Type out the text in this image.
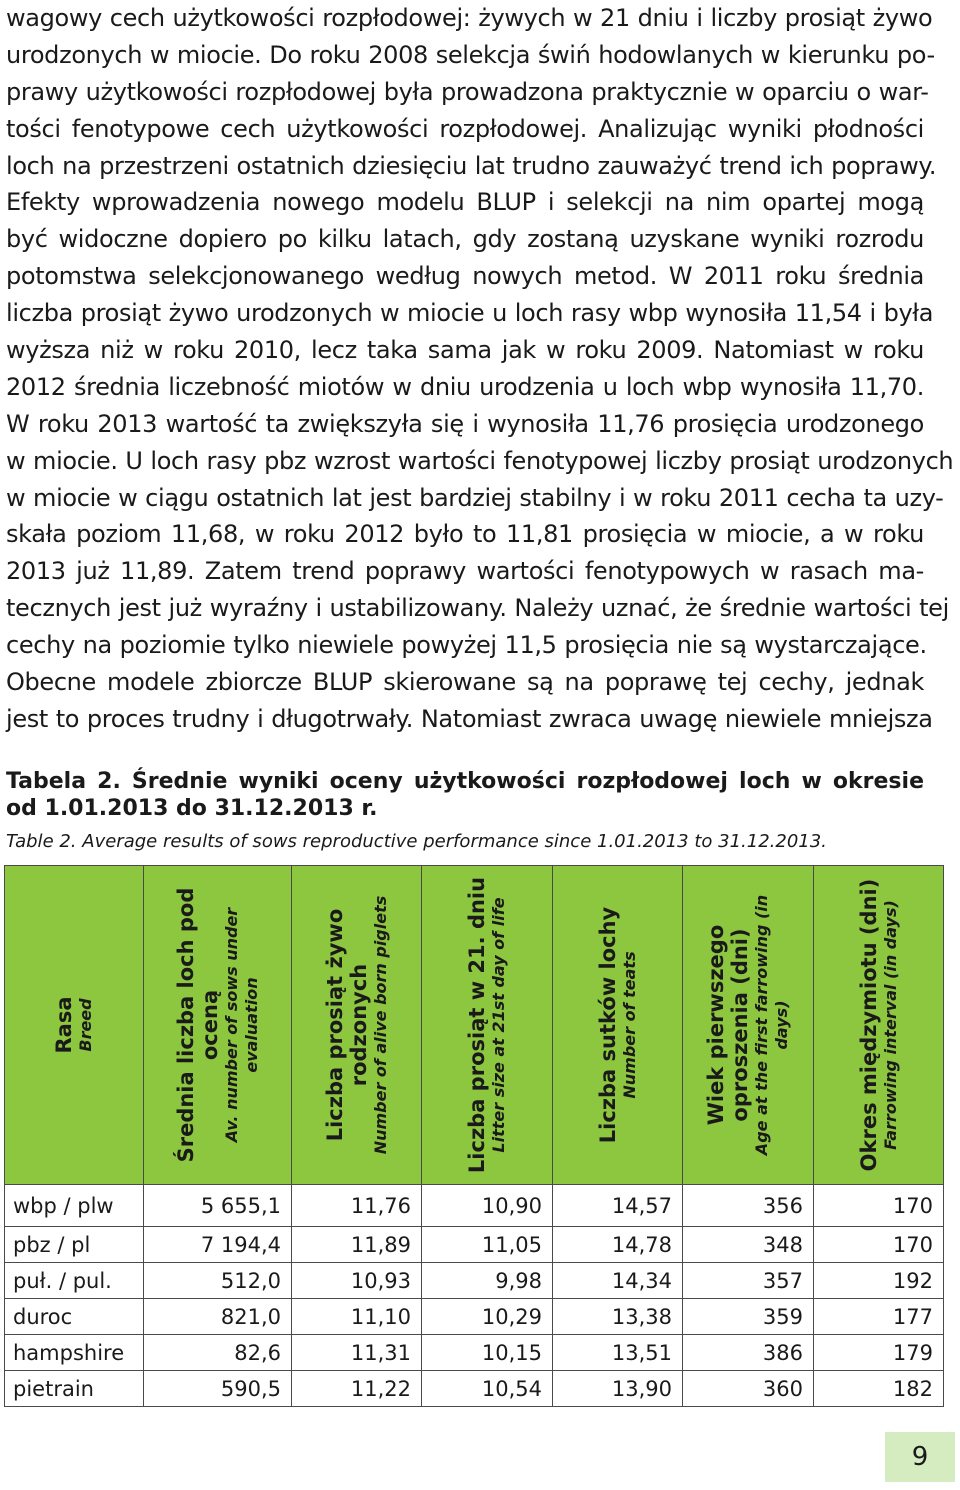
wagowy cech użytkowości rozpłodowej: żywych w 21 dniu i liczby prosiąt żywo
urodzonych w miocie. Do roku 2008 selekcja świń hodowlanych w kierunku po-
prawy użytkowości rozpłodowej była prowadzona praktycznie w oparciu o war-
tości fenotypowe cech użytkowości rozpłodowej. Analizując wyniki płodności
loch na przestrzeni ostatnich dziesięciu lat trudno zauważyć trend ich poprawy.
Efekty wprowadzenia nowego modelu BLUP i selekcji na nim opartej mogą
być widoczne dopiero po kilku latach, gdy zostaną uzyskane wyniki rozrodu
potomstwa selekcjonowanego według nowych metod. W 2011 roku średnia
liczba prosiąt żywo urodzonych w miocie u loch rasy wbp wynosiła 11,54 i była
wyższa niż w roku 2010, lecz taka sama jak w roku 2009. Natomiast w roku
2012 średnia liczebność miotów w dniu urodzenia u loch wbp wynosiła 11,70.
W roku 2013 wartość ta zwiększyła się i wynosiła 11,76 prosięcia urodzonego
w miocie. U loch rasy pbz wzrost wartości fenotypowej liczby prosiąt urodzonych
w miocie w ciągu ostatnich lat jest bardziej stabilny i w roku 2011 cecha ta uzy-
skała poziom 11,68, w roku 2012 było to 11,81 prosięcia w miocie, a w roku
2013 już 11,89. Zatem trend poprawy wartości fenotypowych w rasach ma-
tecznych jest już wyraźny i ustabilizowany. Należy uznać, że średnie wartości tej
cechy na poziomie tylko niewiele powyżej 11,5 prosięcia nie są wystarczające.
Obecne modele zbiorcze BLUP skierowane są na poprawę tej cechy, jednak
jest to proces trudny i długotrwały. Natomiast zwraca uwagę niewiele mniejsza
Tabela 2. Średnie wyniki oceny użytkowości rozpłodowej loch w okresie
od 1.01.2013 do 31.12.2013 r.
Table 2. Average results of sows reproductive performance since 1.01.2013 to 31.12.2013.
Rasa Breed	Średnia liczba loch pod oceną Av. number of sows under evaluation	Liczba prosiąt żywo rodzonych Number of alive born piglets	Liczba prosiąt w 21. dniu Litter size at 21st day of life	Liczba sutków lochy Number of teats	Wiek pierwszego oproszenia (dni) Age at the first farrowing (in days)	Okres międzymiotu (dni) Farrowing interval (in days)

wbp / plw	5 655,1	11,76	10,90	14,57	356	170
pbz / pl	7 194,4	11,89	11,05	14,78	348	170
puł. / pul.	512,0	10,93	9,98	14,34	357	192
duroc	821,0	11,10	10,29	13,38	359	177
hampshire	82,6	11,31	10,15	13,51	386	179
pietrain	590,5	11,22	10,54	13,90	360	182
9
